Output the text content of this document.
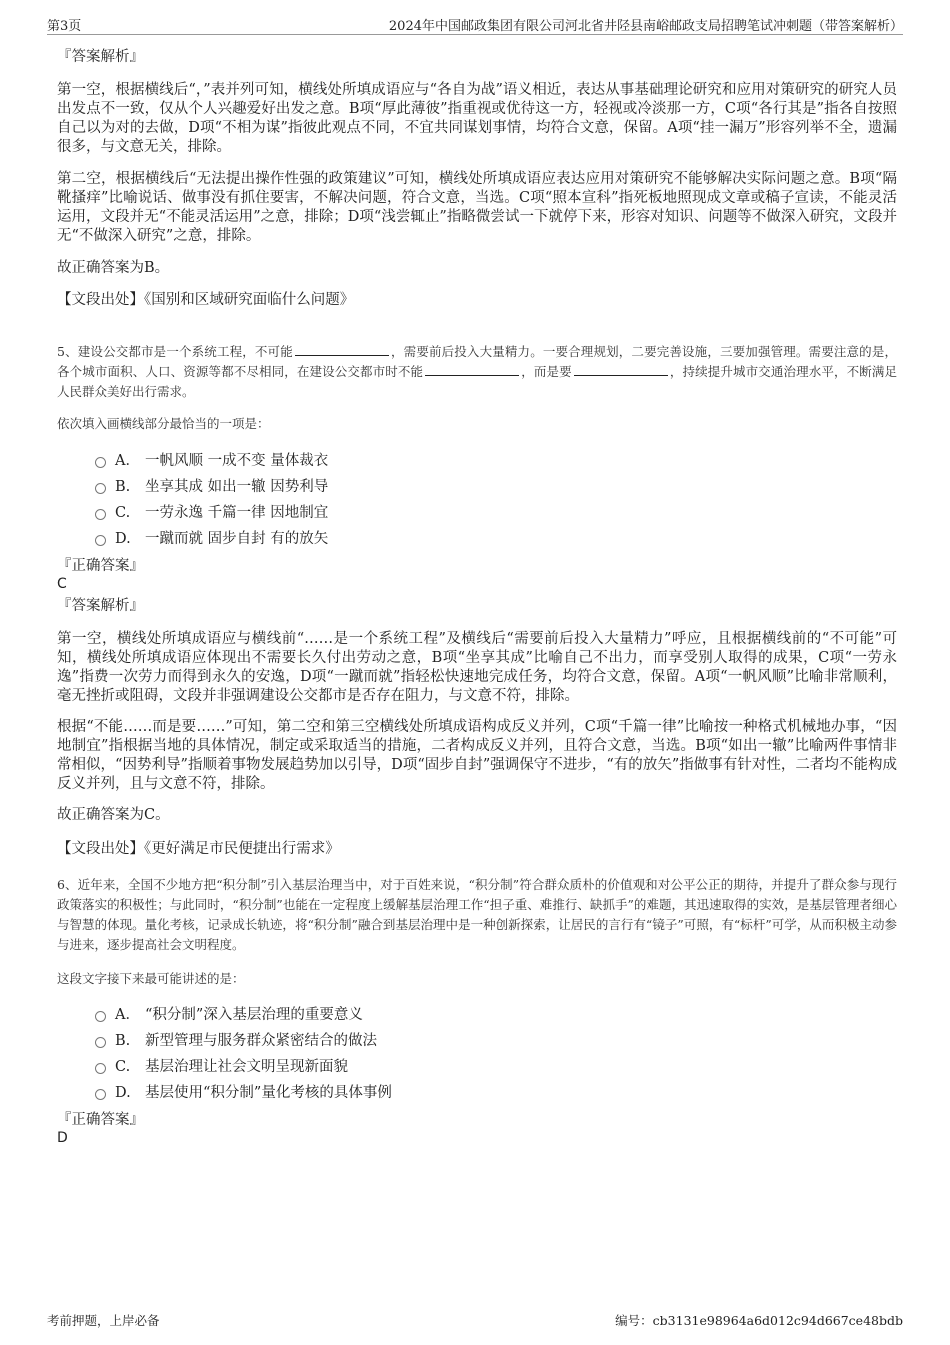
第3页	2024年中国邮政集团有限公司河北省井陉县南峪邮政支局招聘笔试冲刺题（带答案解析）
『答案解析』
第一空，根据横线后“，”表并列可知，横线处所填成语应与“各自为战”语义相近，表达从事基础理论研究和应用对策研究的研究人员出发点不一致，仅从个人兴趣爱好出发之意。B项“厚此薄彼”指重视或优待这一方，轻视或冷淡那一方，C项“各行其是”指各自按照自己以为对的去做，D项“不相为谋”指彼此观点不同，不宜共同谋划事情，均符合文意，保留。A项“挂一漏万”形容列举不全，遗漏很多，与文意无关，排除。
第二空，根据横线后“无法提出操作性强的政策建议”可知，横线处所填成语应表达应用对策研究不能够解决实际问题之意。B项“隔靴搔痒”比喻说话、做事没有抓住要害，不解决问题，符合文意，当选。C项“照本宣科”指死板地照现成文章或稿子宣读，不能灵活运用，文段并无“不能灵活运用”之意，排除；D项“浅尝辄止”指略微尝试一下就停下来，形容对知识、问题等不做深入研究，文段并无“不做深入研究”之意，排除。
故正确答案为B。
【文段出处】《国别和区域研究面临什么问题》
5、建设公交都市是一个系统工程，不可能	，需要前后投入大量精力。一要合理规划，二要完善设施，三要加强管理。需要注意的是，各个城市面积、人口、资源等都不尽相同，在建设公交都市时不能	，而是要	，持续提升城市交通治理水平，不断满足人民群众美好出行需求。
依次填入画横线部分最恰当的一项是：
A． 一帆风顺 一成不变 量体裁衣
B. 坐享其成 如出一辙 因势利导
C. 一劳永逸 千篇一律 因地制宜
D. 一蹴而就 固步自封 有的放矢
『正确答案』
C
『答案解析』
第一空，横线处所填成语应与横线前“……是一个系统工程”及横线后“需要前后投入大量精力”呼应，且根据横线前的“不可能”可知，横线处所填成语应体现出不需要长久付出劳动之意，B项“坐享其成”比喻自己不出力，而享受别人取得的成果，C项“一劳永逸”指费一次劳力而得到永久的安逸，D项“一蹴而就”指轻松快速地完成任务，均符合文意，保留。A项“一帆风顺”比喻非常顺利，毫无挫折或阻碍，文段并非强调建设公交都市是否存在阻力，与文意不符，排除。
根据“不能……而是要……”可知，第二空和第三空横线处所填成语构成反义并列，C项“千篇一律”比喻按一种格式机械地办事，“因地制宜”指根据当地的具体情况，制定或采取适当的措施，二者构成反义并列，且符合文意，当选。B项“如出一辙”比喻两件事情非常相似，“因势利导”指顺着事物发展趋势加以引导，D项“固步自封”强调保守不进步，“有的放矢”指做事有针对性，二者均不能构成反义并列，且与文意不符，排除。
故正确答案为C。
【文段出处】《更好满足市民便捷出行需求》
6、近年来，全国不少地方把“积分制”引入基层治理当中，对于百姓来说，“积分制”符合群众质朴的价值观和对公平公正的期待，并提升了群众参与现行政策落实的积极性；与此同时，“积分制”也能在一定程度上缓解基层治理工作“担子重、难推行、缺抓手”的难题，其迅速取得的实效，是基层管理者细心与智慧的体现。量化考核，记录成长轨迹，将“积分制”融合到基层治理中是一种创新探索，让居民的言行有“镜子”可照，有“标杆”可学，从而积极主动参与进来，逐步提高社会文明程度。
这段文字接下来最可能讲述的是：
A． “积分制”深入基层治理的重要意义
B. 新型管理与服务群众紧密结合的做法
C. 基层治理让社会文明呈现新面貌
D. 基层使用“积分制”量化考核的具体事例
『正确答案』
D
考前押题，上岸必备	编号：cb3131e98964a6d012c94d667ce48bdb
